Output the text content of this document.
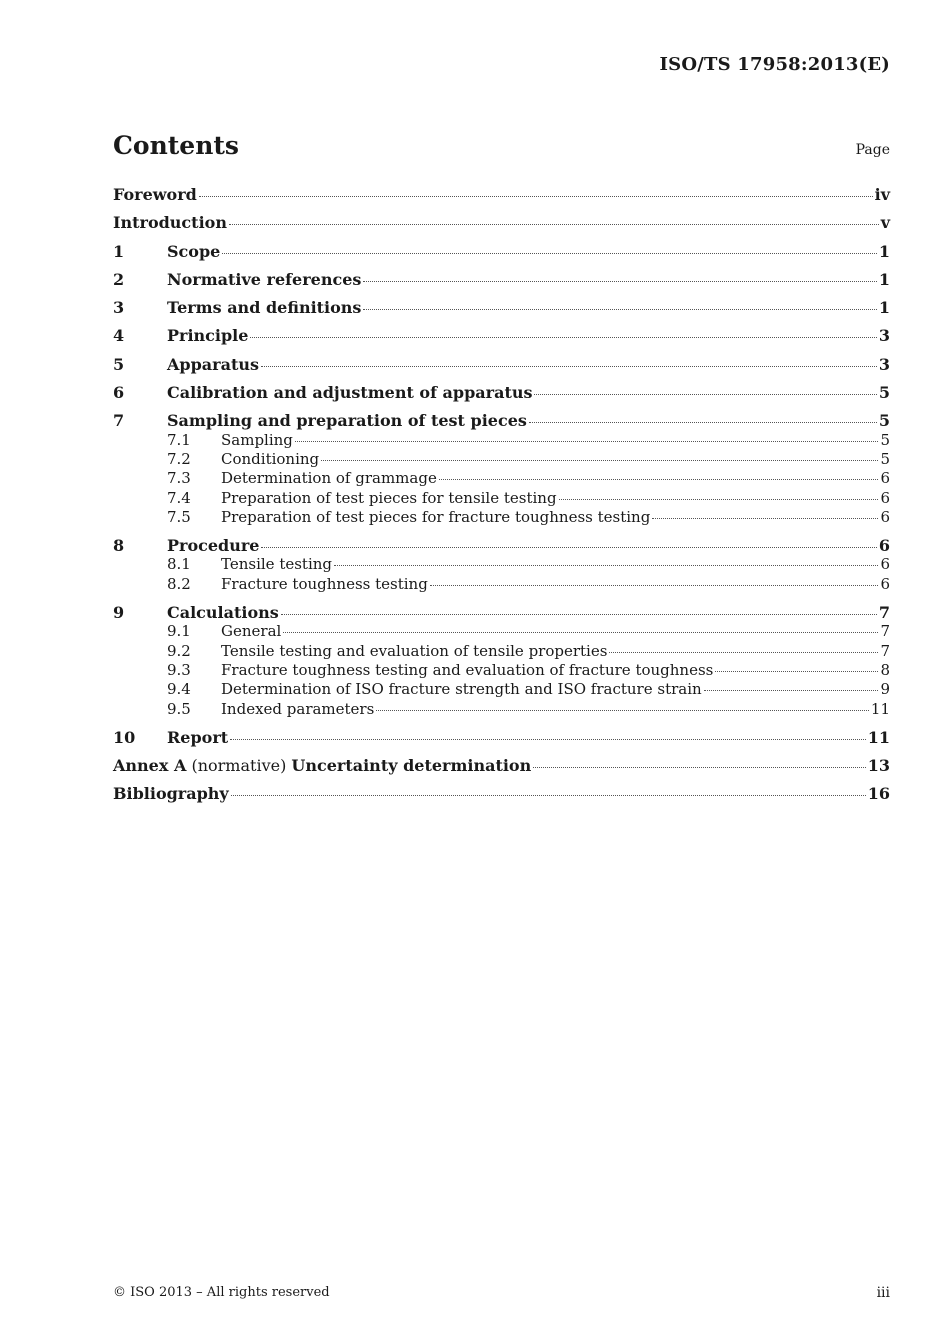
ISO/TS 17958:2013(E)
Contents	Page
Foreword	iv
Introduction	v
1	Scope	1
2	Normative references	1
3	Terms and definitions	1
4	Principle	3
5	Apparatus	3
6	Calibration and adjustment of apparatus	5
7	Sampling and preparation of test pieces	5
7.1	Sampling	5
7.2	Conditioning	5
7.3	Determination of grammage	6
7.4	Preparation of test pieces for tensile testing	6
7.5	Preparation of test pieces for fracture toughness testing	6
8	Procedure	6
8.1	Tensile testing	6
8.2	Fracture toughness testing	6
9	Calculations	7
9.1	General	7
9.2	Tensile testing and evaluation of tensile properties	7
9.3	Fracture toughness testing and evaluation of fracture toughness	8
9.4	Determination of ISO fracture strength and ISO fracture strain	9
9.5	Indexed parameters	11
10	Report	11
Annex A (normative) Uncertainty determination	13
Bibliography	16
© ISO 2013 – All rights reserved	iii
